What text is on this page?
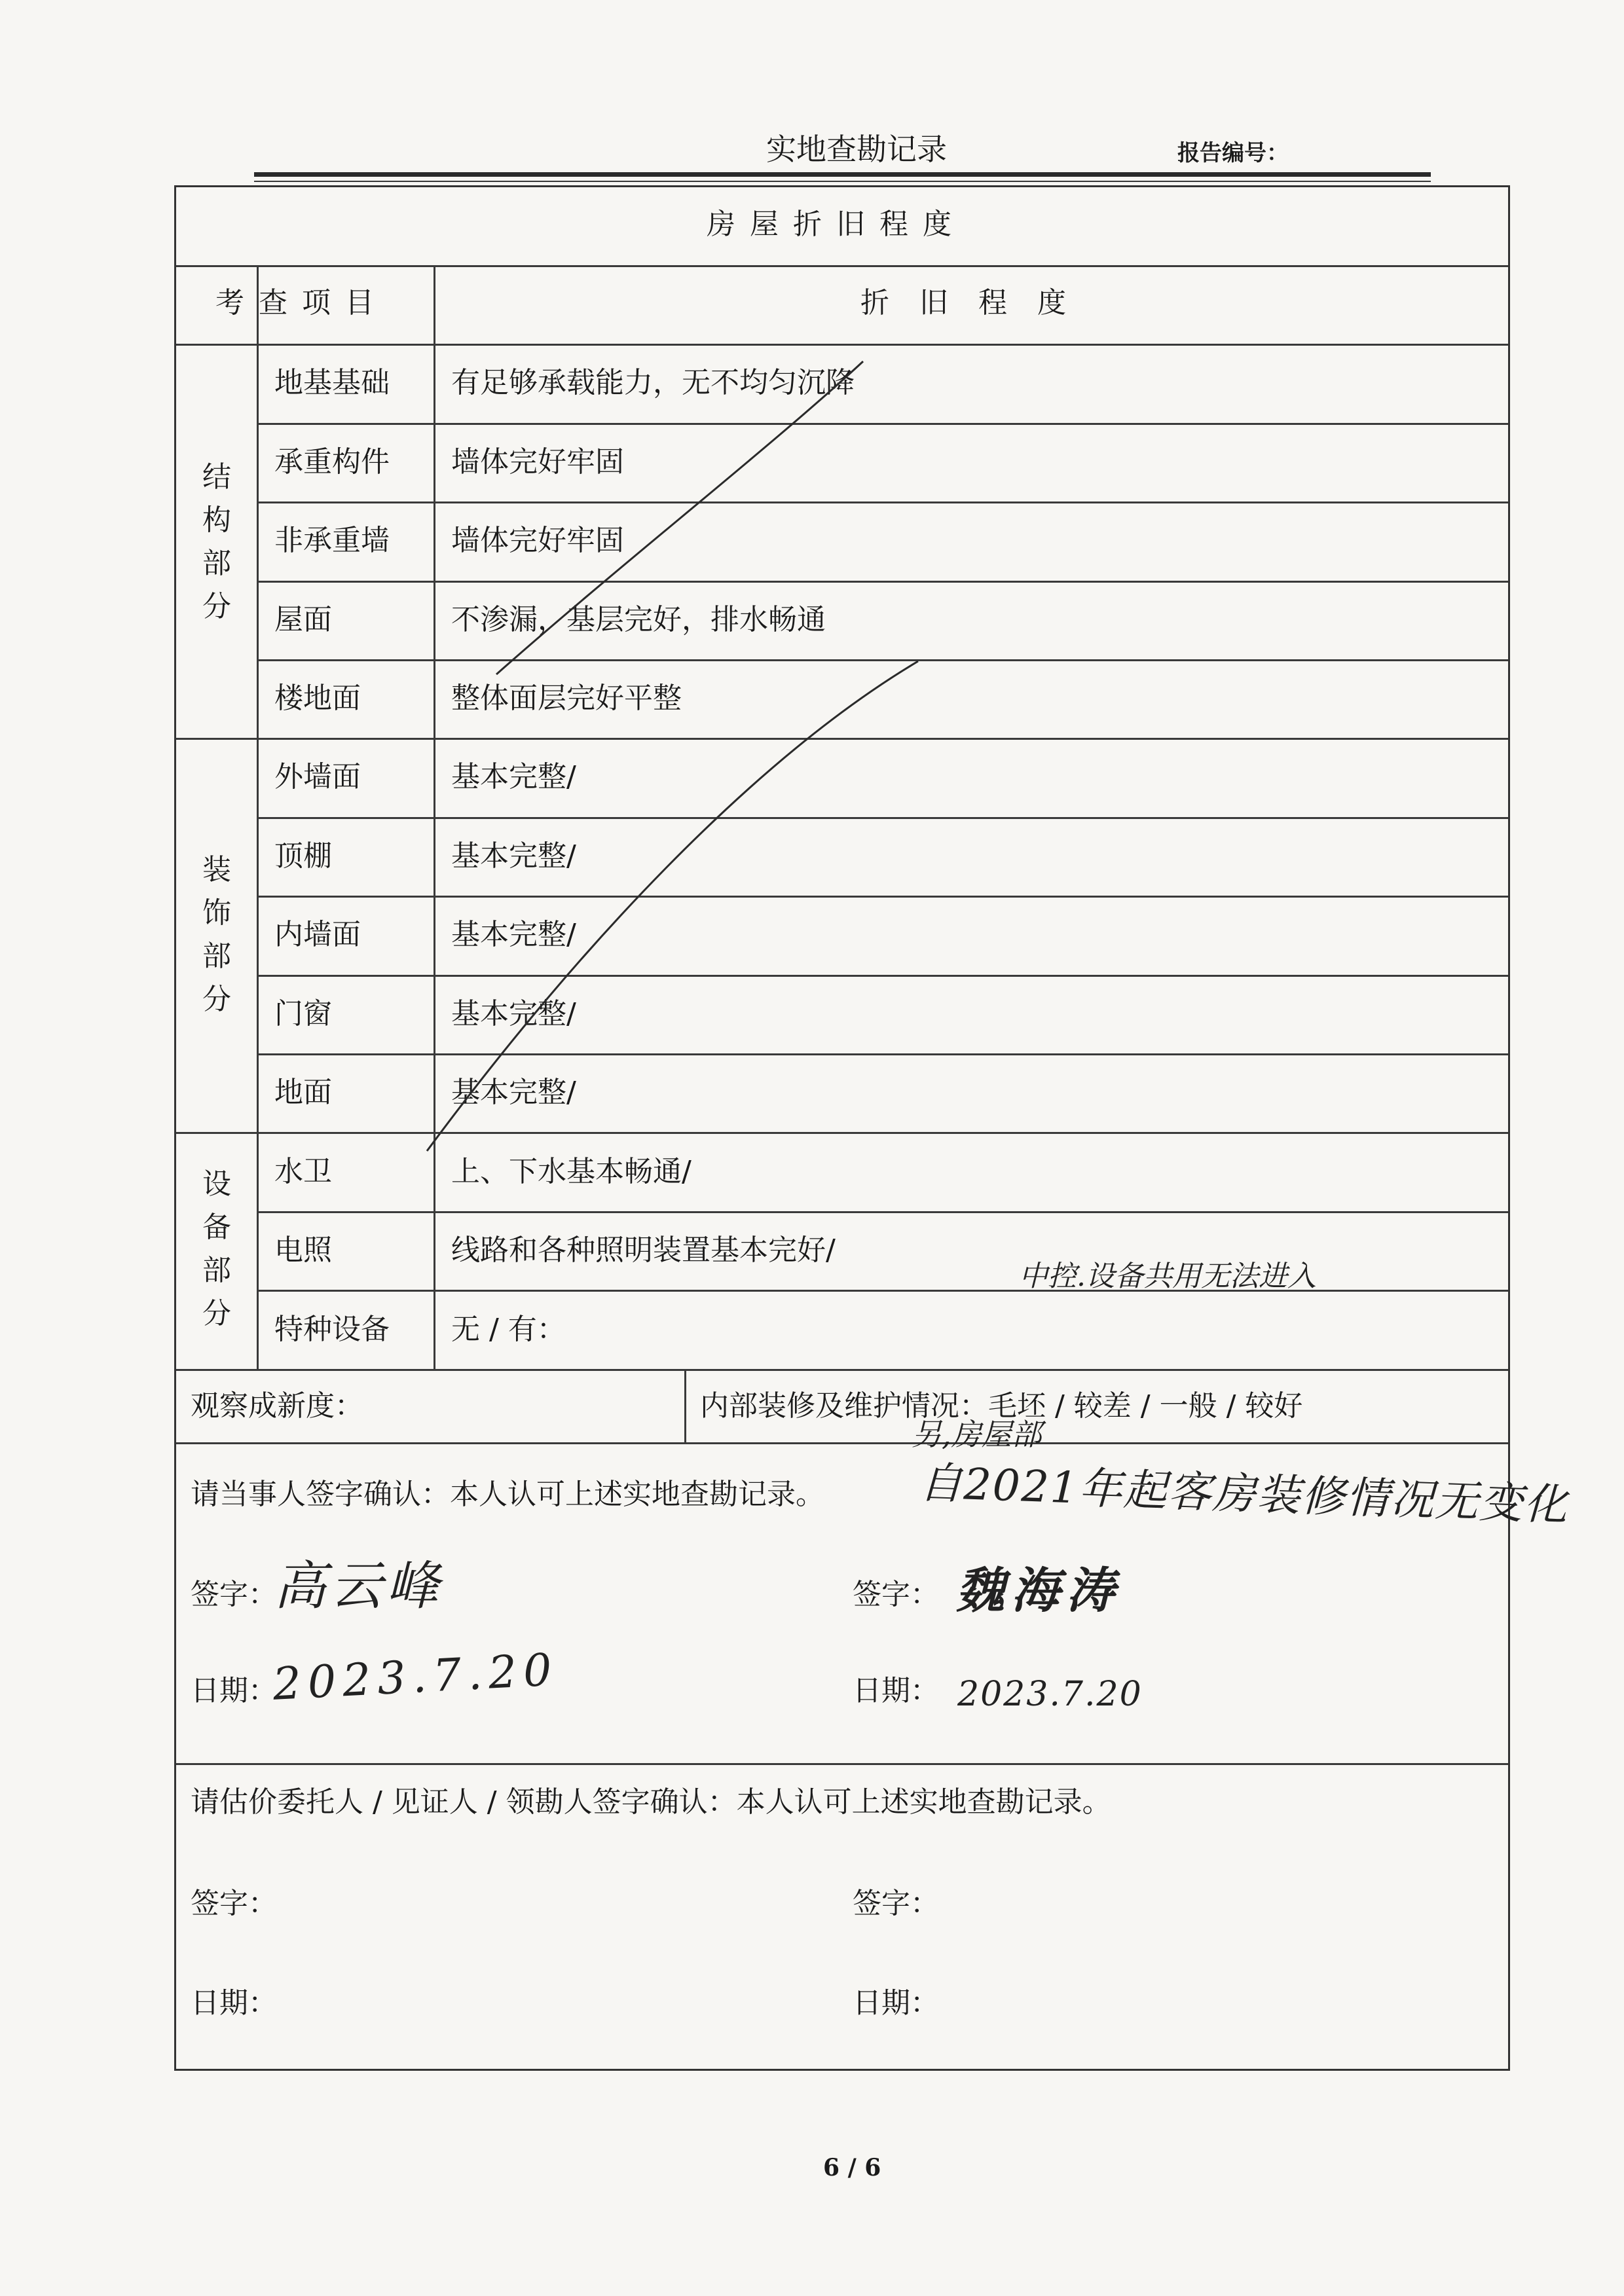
实地查勘记录	报告编号：
房屋折旧程度
考查项目	折旧程度
结构部分
装饰部分
设备部分
地基基础 有足够承载能力，无不均匀沉降
承重构件 墙体完好牢固
非承重墙 墙体完好牢固
屋面	不渗漏，基层完好，排水畅通
楼地面	整体面层完好平整
外墙面	基本完整/
顶棚	基本完整/
内墙面	基本完整/
门窗	基本完整/
地面	基本完整/
水卫	上、下水基本畅通/
电照	线路和各种照明装置基本完好/
特种设备 无 / 有：
观察成新度：	内部装修及维护情况：毛坯 / 较差 / 一般 / 较好
请当事人签字确认：本人认可上述实地查勘记录。
签字：	签字：
日期：	日期：
请估价委托人 / 见证人 / 领勘人签字确认：本人认可上述实地查勘记录。
签字：	签字：
日期：	日期：
中控.设备共用无法进入
另,房屋部
自2021年起客房装修情况无变化
高云峰	魏海涛
2023.7.20	2023.7.20
6 / 6
